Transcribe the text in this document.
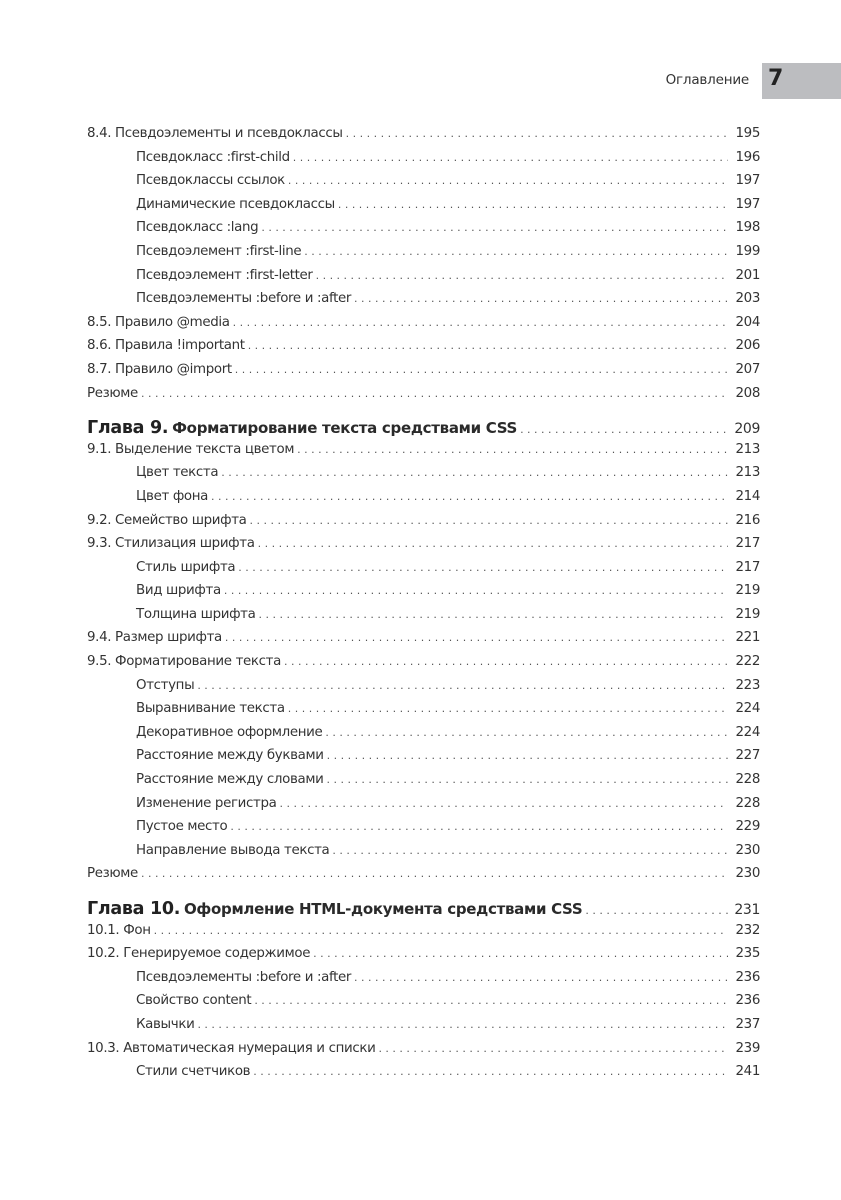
Оглавление 7
8.4. Псевдоэлементы и псевдоклассы . . .	195
Псевдокласс :first-child . . .	196
Псевдоклассы ссылок . . .	197
Динамические псевдоклассы . . .	197
Псевдокласс :lang . . .	198
Псевдоэлемент :first-line . . .	199
Псевдоэлемент :first-letter . . .	201
Псевдоэлементы :before и :after . . .	203
8.5. Правило @media . . .	204
8.6. Правила !important . . .	206
8.7. Правило @import . . .	207
Резюме . . .	208
Глава 9. Форматирование текста средствами CSS . . .	209
9.1. Выделение текста цветом . . .	213
Цвет текста . . .	213
Цвет фона . . .	214
9.2. Семейство шрифта . . .	216
9.3. Стилизация шрифта . . .	217
Стиль шрифта . . .	217
Вид шрифта . . .	219
Толщина шрифта . . .	219
9.4. Размер шрифта . . .	221
9.5. Форматирование текста . . .	222
Отступы . . .	223
Выравнивание текста . . .	224
Декоративное оформление . . .	224
Расстояние между буквами . . .	227
Расстояние между словами . . .	228
Изменение регистра . . .	228
Пустое место . . .	229
Направление вывода текста . . .	230
Резюме . . .	230
Глава 10. Оформление HTML-документа средствами CSS . . .	231
10.1. Фон . . .	232
10.2. Генерируемое содержимое . . .	235
Псевдоэлементы :before и :after . . .	236
Свойство content . . .	236
Кавычки . . .	237
10.3. Автоматическая нумерация и списки . . .	239
Стили счетчиков . . .	241
